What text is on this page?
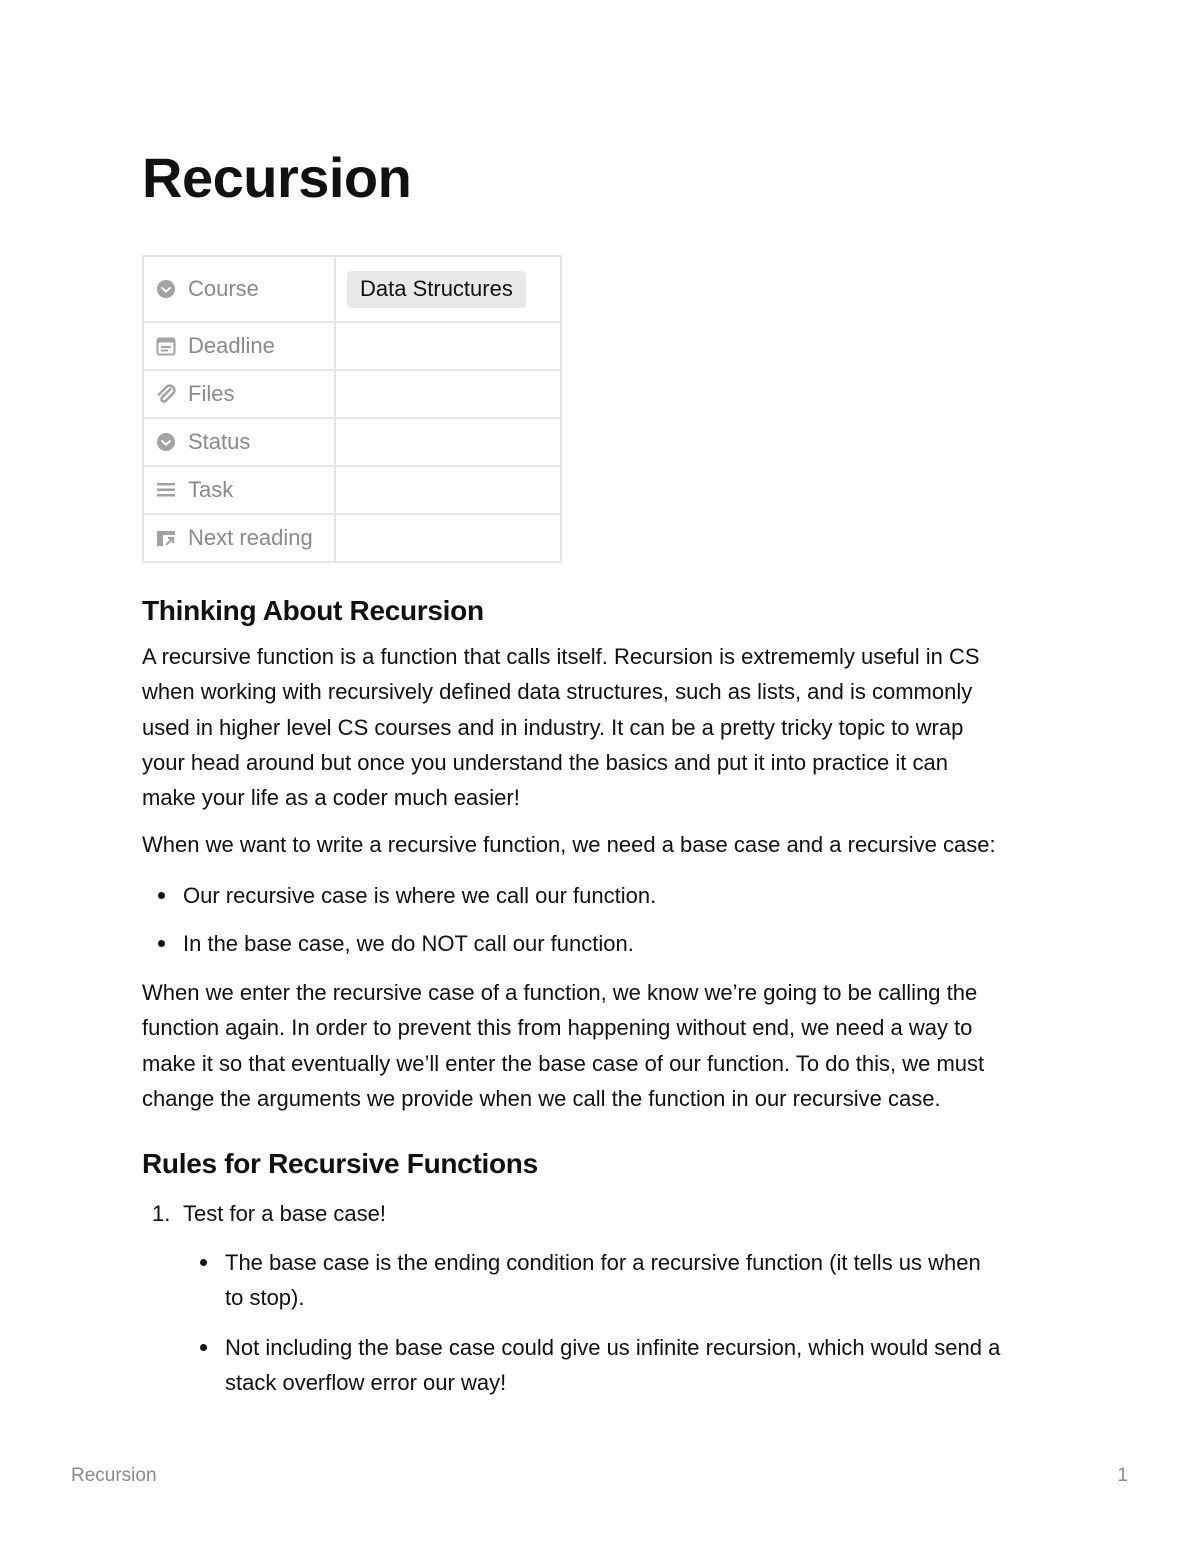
Recursion
Course	Data Structures

Deadline	

Files	

Status	

Task	

Next reading	

Thinking About Recursion
A recursive function is a function that calls itself. Recursion is extrememly useful in CS
when working with recursively defined data structures, such as lists, and is commonly
used in higher level CS courses and in industry. It can be a pretty tricky topic to wrap
your head around but once you understand the basics and put it into practice it can
make your life as a coder much easier!
When we want to write a recursive function, we need a base case and a recursive case:
Our recursive case is where we call our function.
In the base case, we do NOT call our function.
When we enter the recursive case of a function, we know we’re going to be calling the
function again. In order to prevent this from happening without end, we need a way to
make it so that eventually we’ll enter the base case of our function. To do this, we must
change the arguments we provide when we call the function in our recursive case.
Rules for Recursive Functions
1. Test for a base case!
The base case is the ending condition for a recursive function (it tells us when
to stop).
Not including the base case could give us infinite recursion, which would send a
stack overflow error our way!
Recursion	1
